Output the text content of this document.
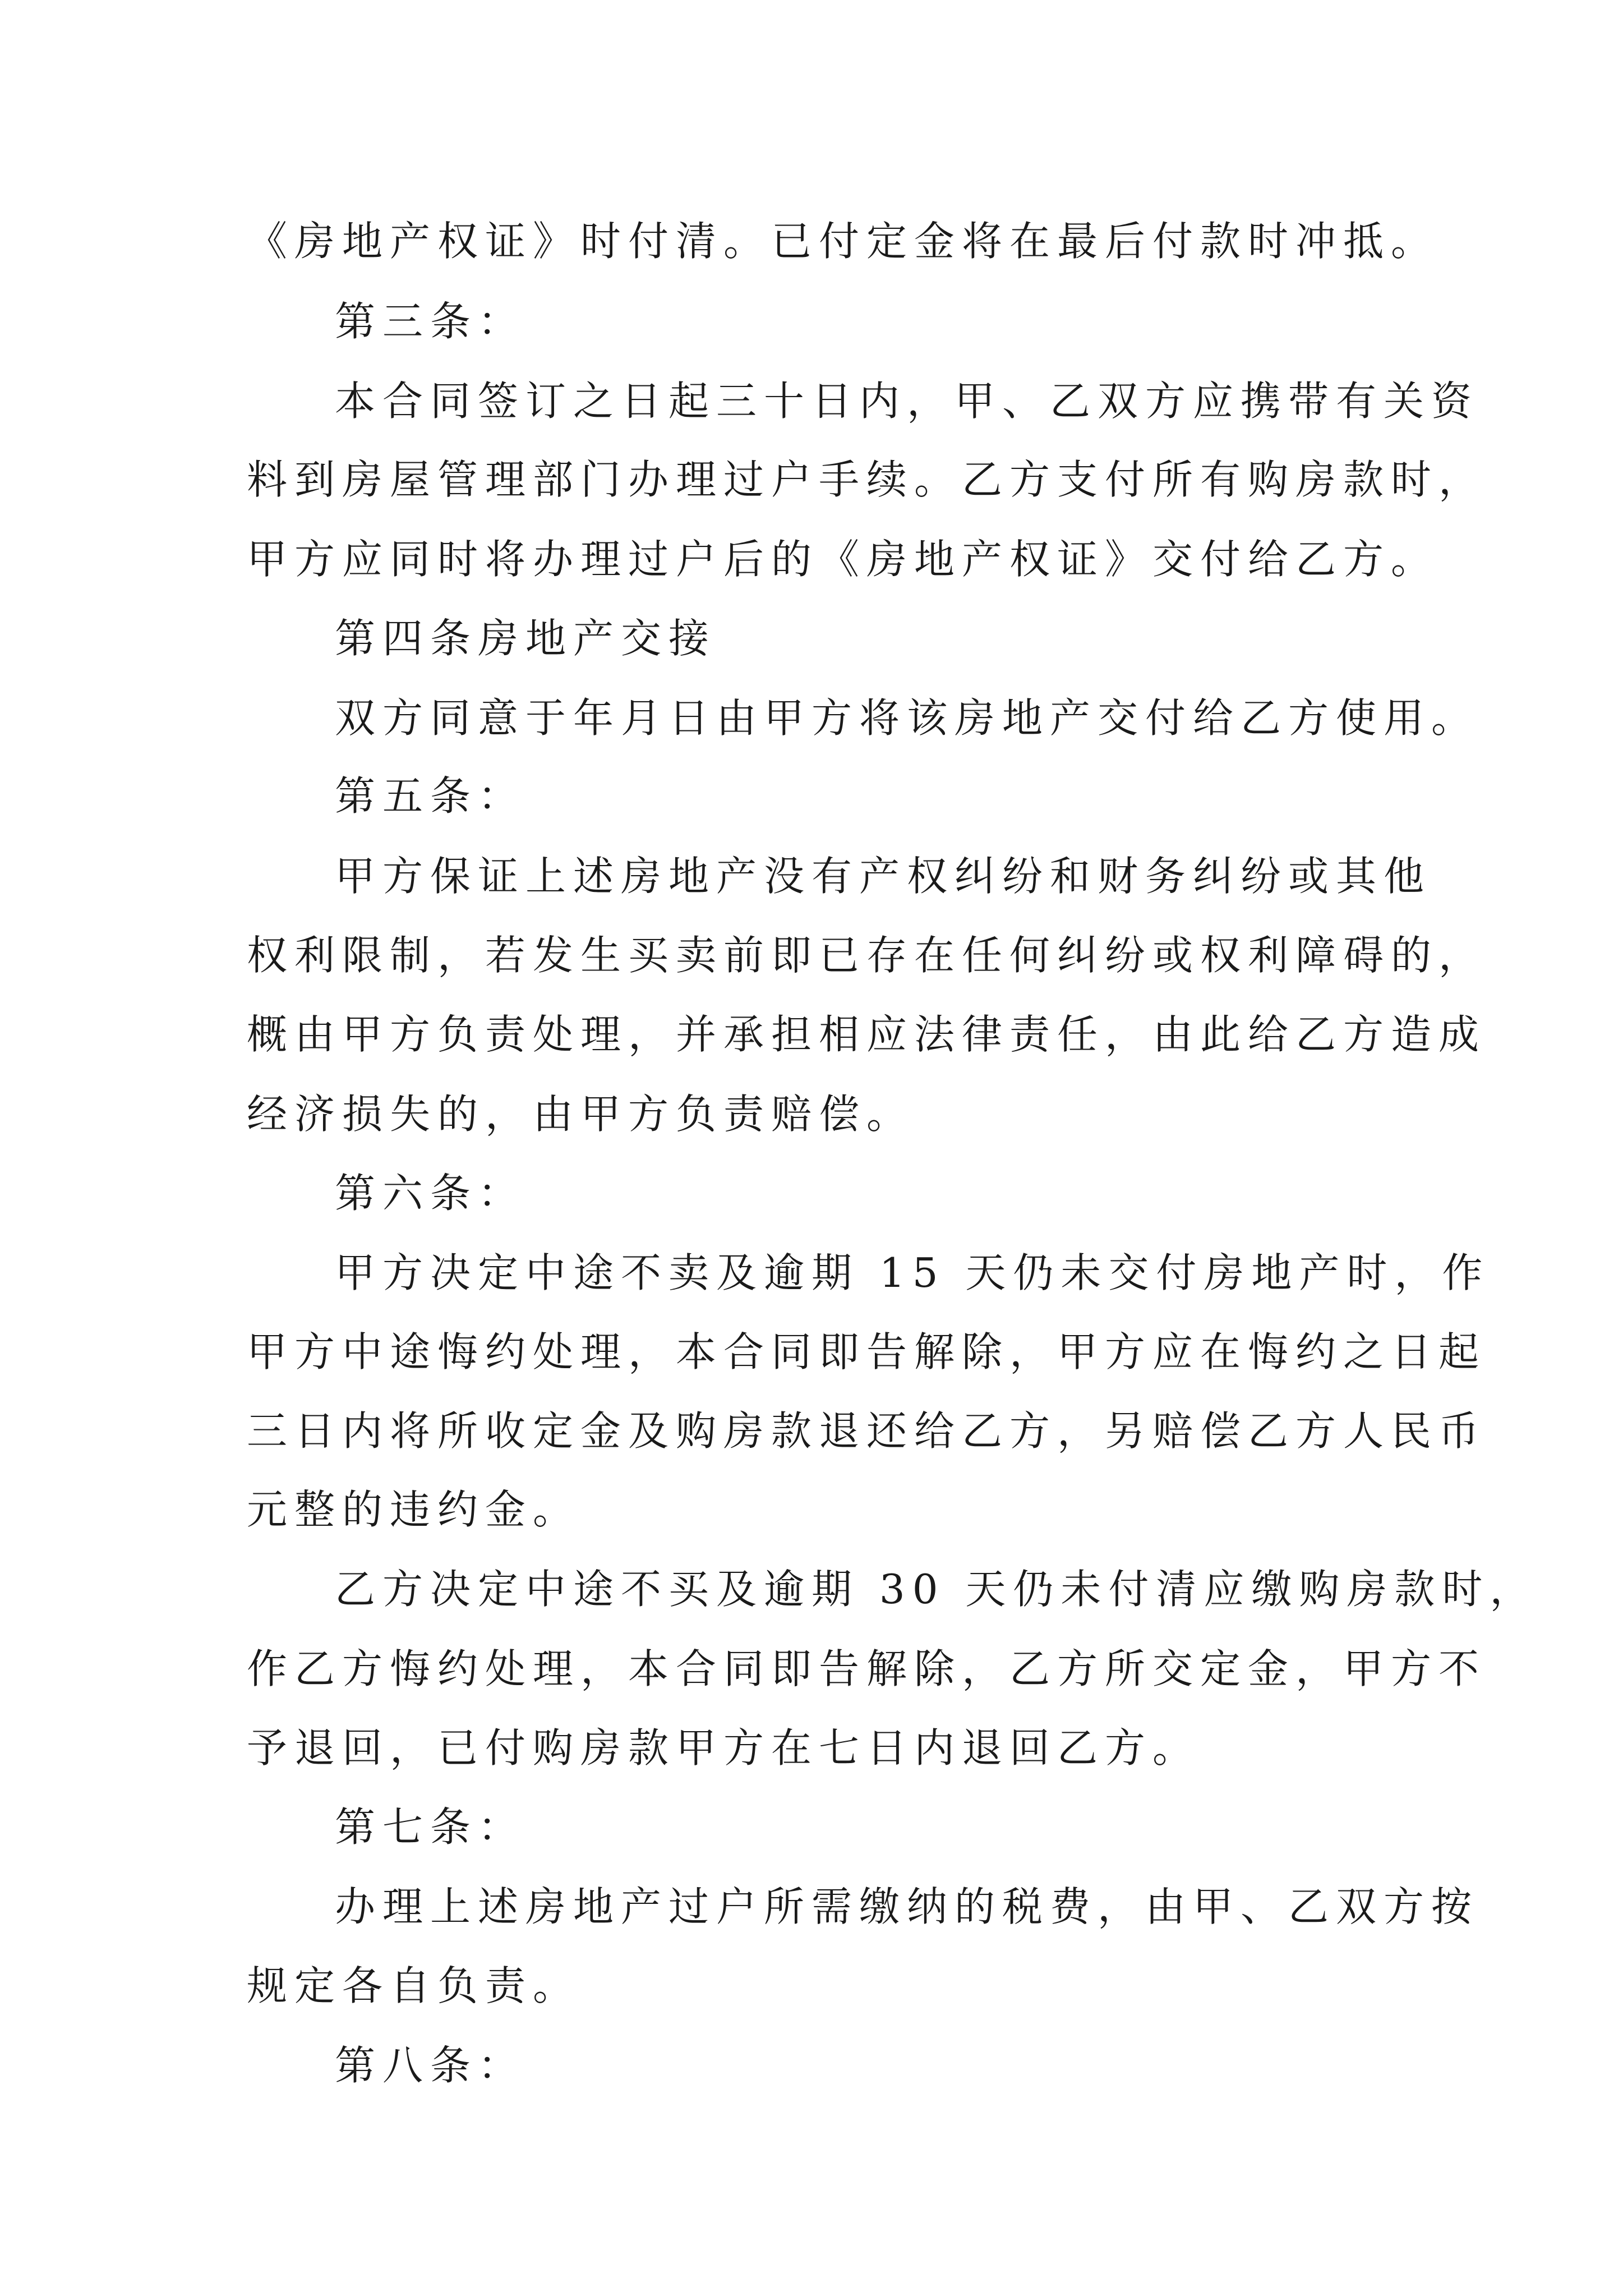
《房地产权证》时付清。已付定金将在最后付款时冲抵。
第三条：
本合同签订之日起三十日内，甲、乙双方应携带有关资
料到房屋管理部门办理过户手续。乙方支付所有购房款时，
甲方应同时将办理过户后的《房地产权证》交付给乙方。
第四条房地产交接
双方同意于年月日由甲方将该房地产交付给乙方使用。
第五条：
甲方保证上述房地产没有产权纠纷和财务纠纷或其他
权利限制，若发生买卖前即已存在任何纠纷或权利障碍的，
概由甲方负责处理，并承担相应法律责任，由此给乙方造成
经济损失的，由甲方负责赔偿。
第六条：
甲方决定中途不卖及逾期 15 天仍未交付房地产时，作
甲方中途悔约处理，本合同即告解除，甲方应在悔约之日起
三日内将所收定金及购房款退还给乙方，另赔偿乙方人民币
元整的违约金。
乙方决定中途不买及逾期 30 天仍未付清应缴购房款时，
作乙方悔约处理，本合同即告解除，乙方所交定金，甲方不
予退回，已付购房款甲方在七日内退回乙方。
第七条：
办理上述房地产过户所需缴纳的税费，由甲、乙双方按
规定各自负责。
第八条：
